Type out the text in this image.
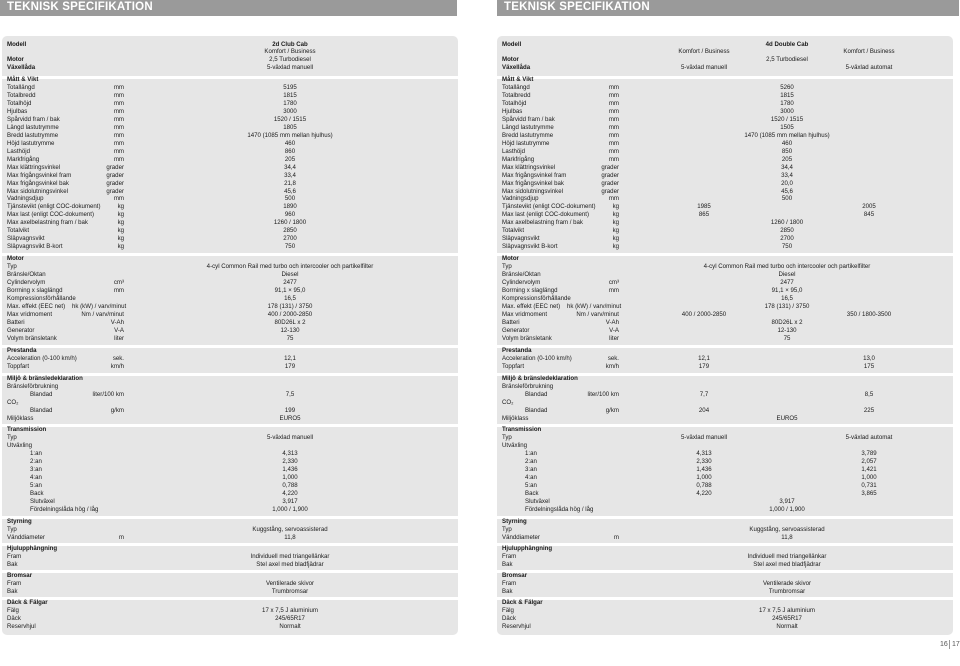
TEKNISK SPECIFIKATION	TEKNISK SPECIFIKATION
Modell	2d Club Cab
Komfort / Business
Motor	2,5 Turbodiesel
Växellåda	5-växlad manuell
Mått & Vikt
Totallängd	mm	5195
Totalbredd	mm	1815
Totalhöjd	mm	1780
Hjulbas	mm	3000
Spårvidd fram / bak	mm	1520 / 1515
Längd lastutrymme	mm	1805
Bredd lastutrymme	mm	1470 (1085 mm mellan hjulhus)
Höjd lastutrymme	mm	460
Lasthöjd	mm	860
Markfrigång	mm	205
Max klättringsvinkel	grader	34,4
Max frigångsvinkel fram	grader	33,4
Max frigångsvinkel bak	grader	21,8
Max sidolutningsvinkel	grader	45,6
Vadningsdjup	mm	500
Tjänstevikt (enligt COC-dokument)	kg	1890
Max last (enligt COC-dokument)	kg	960
Max axelbelastning fram / bak	kg	1260 / 1800
Totalvikt	kg	2850
Släpvagnsvikt	kg	2700
Släpvagnsvikt B-kort	kg	750
Motor
Typ	4-cyl Common Rail med turbo och intercooler och partikelfilter
Bränsle/Oktan	Diesel
Cylindervolym	cm³	2477
Borrning x slaglängd	mm	91,1 × 95,0
Kompressionsförhållande	16,5
Max. effekt (EEC net) hk (kW) / varv/minut	178 (131) / 3750
Max vridmoment	Nm / varv/minut	400 / 2000-2850
Batteri	V-Ah	80D26L x 2
Generator	V-A	12-130
Volym bränsletank	liter	75
Prestanda
Acceleration (0-100 km/h)	sek.	12,1
Toppfart	km/h	179
Miljö & bränsledeklaration
Bränsleförbrukning
Blandad	liter/100 km	7,5
CO₂
Blandad	g/km	199
Miljöklass	EURO5
Transmission
Typ	5-växlad manuell
Utväxling
1:an	4,313
2:an	2,330
3:an	1,436
4:an	1,000
5:an	0,788
Back	4,220
Slutväxel	3,917
Fördelningslåda hög / låg	1,000 / 1,900
Styrning
Typ	Kuggstång, servoassisterad
Vänddiameter	m	11,8
Hjulupphängning
Fram	Individuell med triangellänkar
Bak	Stel axel med bladfjädrar
Bromsar
Fram	Ventilerade skivor
Bak	Trumbromsar
Däck & Fälgar
Fälg	17 x 7,5 J aluminium
Däck	245/65R17
Reservhjul	Normalt
Modell	4d Double Cab
Komfort / Business	Komfort / Business
Motor	2,5 Turbodiesel
Växellåda	5-växlad manuell	5-växlad automat
Mått & Vikt
Totallängd	mm	5260
Totalbredd	mm	1815
Totalhöjd	mm	1780
Hjulbas	mm	3000
Spårvidd fram / bak	mm	1520 / 1515
Längd lastutrymme	mm	1505
Bredd lastutrymme	mm	1470 (1085 mm mellan hjulhus)
Höjd lastutrymme	mm	460
Lasthöjd	mm	850
Markfrigång	mm	205
Max klättringsvinkel	grader	34,4
Max frigångsvinkel fram	grader	33,4
Max frigångsvinkel bak	grader	20,0
Max sidolutningsvinkel	grader	45,6
Vadningsdjup	mm	500
Tjänstevikt (enligt COC-dokument)	kg	1985	2005
Max last (enligt COC-dokument)	kg	865	845
Max axelbelastning fram / bak	kg	1260 / 1800
Totalvikt	kg	2850
Släpvagnsvikt	kg	2700
Släpvagnsvikt B-kort	kg	750
Motor
Typ	4-cyl Common Rail med turbo och intercooler och partikelfilter
Bränsle/Oktan	Diesel
Cylindervolym	cm³	2477
Borrning x slaglängd	mm	91,1 × 95,0
Kompressionsförhållande	16,5
Max. effekt (EEC net) hk (kW) / varv/minut	178 (131) / 3750
Max vridmoment	Nm / varv/minut	400 / 2000-2850	350 / 1800-3500
Batteri	V-Ah	80D26L x 2
Generator	V-A	12-130
Volym bränsletank	liter	75
Prestanda
Acceleration (0-100 km/h)	sek.	12,1	13,0
Toppfart	km/h	179	175
Miljö & bränsledeklaration
Bränsleförbrukning
Blandad	liter/100 km	7,7	8,5
CO₂
Blandad	g/km	204	225
Miljöklass	EURO5
Transmission
Typ	5-växlad manuell	5-växlad automat
Utväxling
1:an	4,313	3,789
2:an	2,330	2,057
3:an	1,436	1,421
4:an	1,000	1,000
5:an	0,788	0,731
Back	4,220	3,865
Slutväxel	3,917
Fördelningslåda hög / låg	1,000 / 1,900
Styrning
Typ	Kuggstång, servoassisterad
Vänddiameter	m	11,8
Hjulupphängning
Fram	Individuell med triangellänkar
Bak	Stel axel med bladfjädrar
Bromsar
Fram	Ventilerade skivor
Bak	Trumbromsar
Däck & Fälgar
Fälg	17 x 7,5 J aluminium
Däck	245/65R17
Reservhjul	Normalt
16 17
